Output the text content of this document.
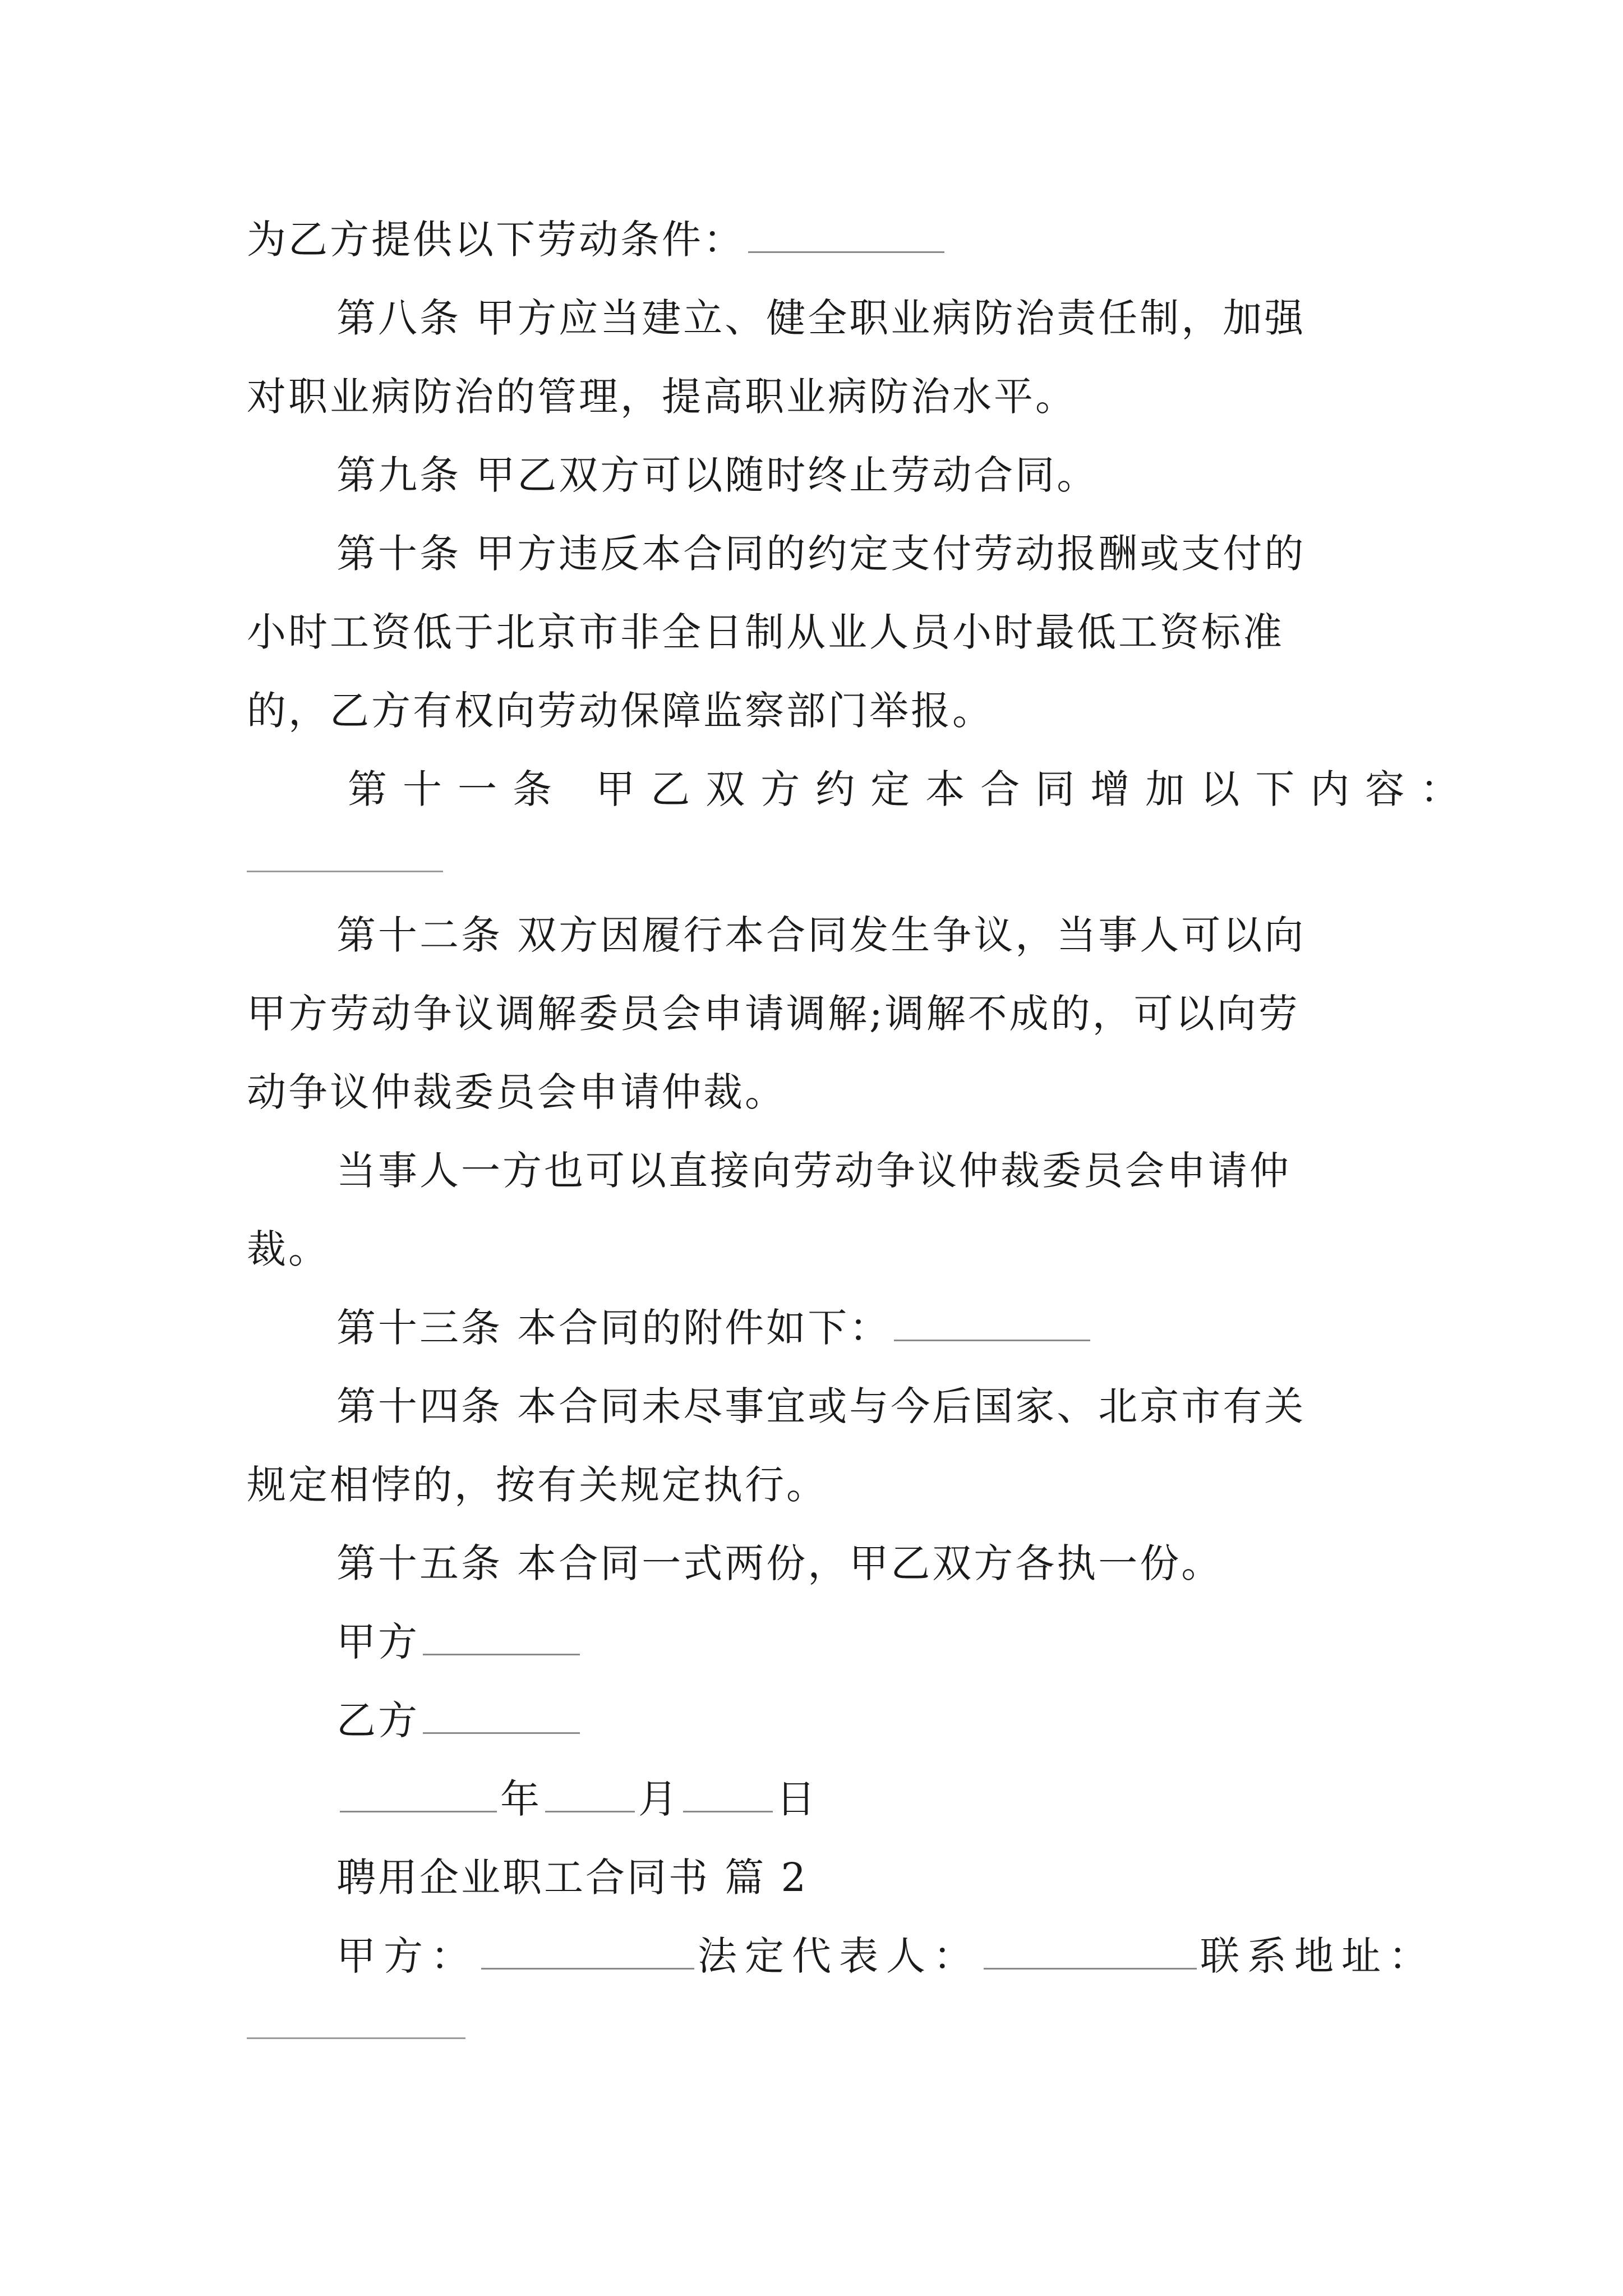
为乙方提供以下劳动条件：
第八条 甲方应当建立、健全职业病防治责任制，加强
对职业病防治的管理，提高职业病防治水平。
第九条 甲乙双方可以随时终止劳动合同。
第十条 甲方违反本合同的约定支付劳动报酬或支付的
小时工资低于北京市非全日制从业人员小时最低工资标准
的，乙方有权向劳动保障监察部门举报。
第十一条 甲乙双方约定本合同增加以下内容：
第十二条 双方因履行本合同发生争议，当事人可以向
甲方劳动争议调解委员会申请调解;调解不成的，可以向劳
动争议仲裁委员会申请仲裁。
当事人一方也可以直接向劳动争议仲裁委员会申请仲
裁。
第十三条 本合同的附件如下：
第十四条 本合同未尽事宜或与今后国家、北京市有关
规定相悖的，按有关规定执行。
第十五条 本合同一式两份，甲乙双方各执一份。
甲方
乙方
年 月 日
聘用企业职工合同书 篇 2
甲方：	法定代表人：	联系地址：
